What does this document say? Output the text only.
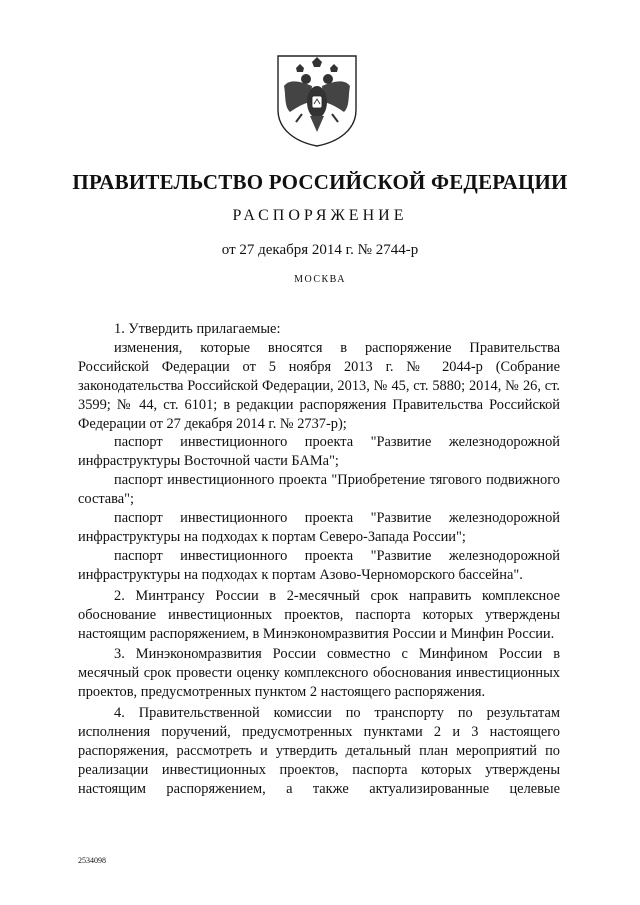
ПРАВИТЕЛЬСТВО РОССИЙСКОЙ ФЕДЕРАЦИИ
РАСПОРЯЖЕНИЕ
от 27 декабря 2014 г. № 2744-р
МОСКВА

1. Утвердить прилагаемые:

изменения, которые вносятся в распоряжение Правительства Российской Федерации от 5 ноября 2013 г. № 2044-р (Собрание законодательства Российской Федерации, 2013, № 45, ст. 5880; 2014, № 26, ст. 3599; № 44, ст. 6101; в редакции распоряжения Правительства Российской Федерации от 27 декабря 2014 г. № 2737-р);

паспорт инвестиционного проекта "Развитие железнодорожной инфраструктуры Восточной части БАМа";

паспорт инвестиционного проекта "Приобретение тягового подвижного состава";

паспорт инвестиционного проекта "Развитие железнодорожной инфраструктуры на подходах к портам Северо-Запада России";

паспорт инвестиционного проекта "Развитие железнодорожной инфраструктуры на подходах к портам Азово-Черноморского бассейна".

2. Минтрансу России в 2-месячный срок направить комплексное обоснование инвестиционных проектов, паспорта которых утверждены настоящим распоряжением, в Минэкономразвития России и Минфин России.

3. Минэкономразвития России совместно с Минфином России в месячный срок провести оценку комплексного обоснования инвестиционных проектов, предусмотренных пунктом 2 настоящего распоряжения.

4. Правительственной комиссии по транспорту по результатам исполнения поручений, предусмотренных пунктами 2 и 3 настоящего распоряжения, рассмотреть и утвердить детальный план мероприятий по реализации инвестиционных проектов, паспорта которых утверждены настоящим распоряжением, а также актуализированные целевые

2534098
